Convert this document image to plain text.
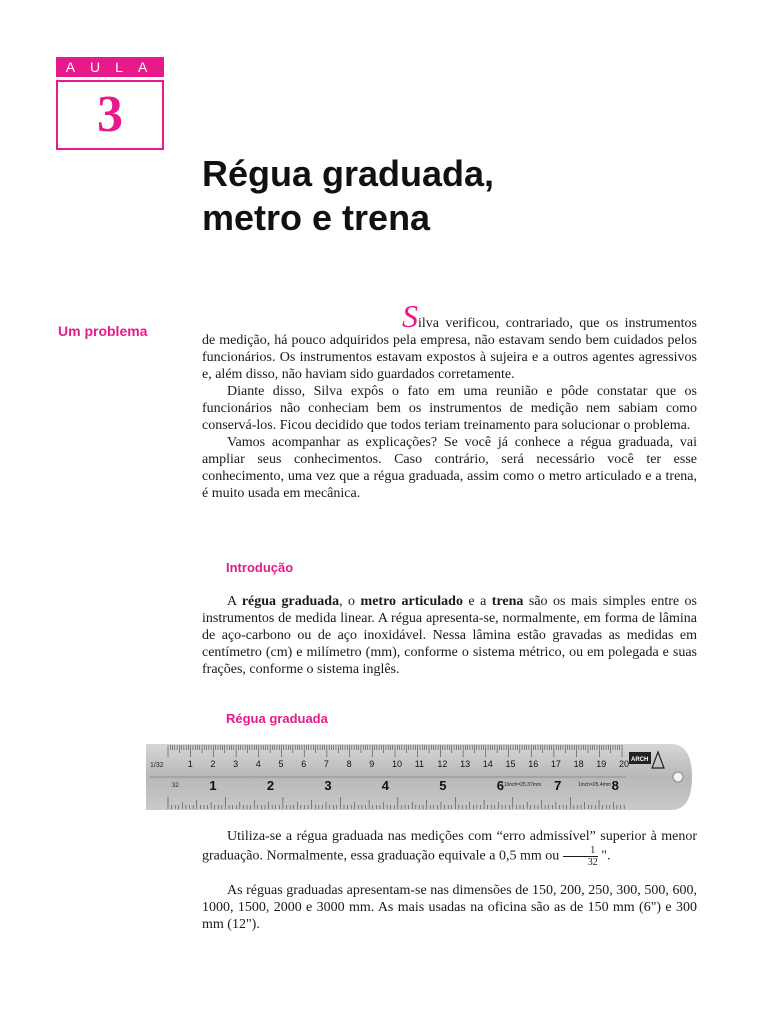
AULA
3
Régua graduada,
metro e trena
Um problema	Silva verificou, contrariado, que os instrumentos de medição, há pouco adquiridos pela empresa, não estavam sendo bem cuidados pelos funcionários. Os instrumentos estavam expostos à sujeira e a outros agentes agressivos e, além disso, não haviam sido guardados corretamente.

Diante disso, Silva expôs o fato em uma reunião e pôde constatar que os funcionários não conheciam bem os instrumentos de medição nem sabiam como conservá-los. Ficou decidido que todos teriam treinamento para solucionar o problema.

Vamos acompanhar as explicações? Se você já conhece a régua graduada, vai ampliar seus conhecimentos. Caso contrário, será necessário você ter esse conhecimento, uma vez que a régua graduada, assim como o metro articulado e a trena, é muito usada em mecânica.

Introdução

A régua graduada, o metro articulado e a trena são os mais simples entre os instrumentos de medida linear. A régua apresenta-se, normalmente, em forma de lâmina de aço-carbono ou de aço inoxidável. Nessa lâmina estão gravadas as medidas em centímetro (cm) e milímetro (mm), conforme o sistema métrico, ou em polegada e suas frações, conforme o sistema inglês.

Régua graduada
1 2 3 4 5 6 7 8 9 10 11 12 13 14 15 16 17 18 19 20
1	2	3	4	5	6	7	8
1/32
32	1/inch=25.37mm	1inch=25.4mm
ARCH

Utiliza-se a régua graduada nas medições com “erro admissível” superior à menor graduação. Normalmente, essa graduação equivale a 0,5 mm ou $\frac{1}{32}$ ".

As réguas graduadas apresentam-se nas dimensões de 150, 200, 250, 300, 500, 600, 1000, 1500, 2000 e 3000 mm. As mais usadas na oficina são as de 150 mm (6") e 300 mm (12").
